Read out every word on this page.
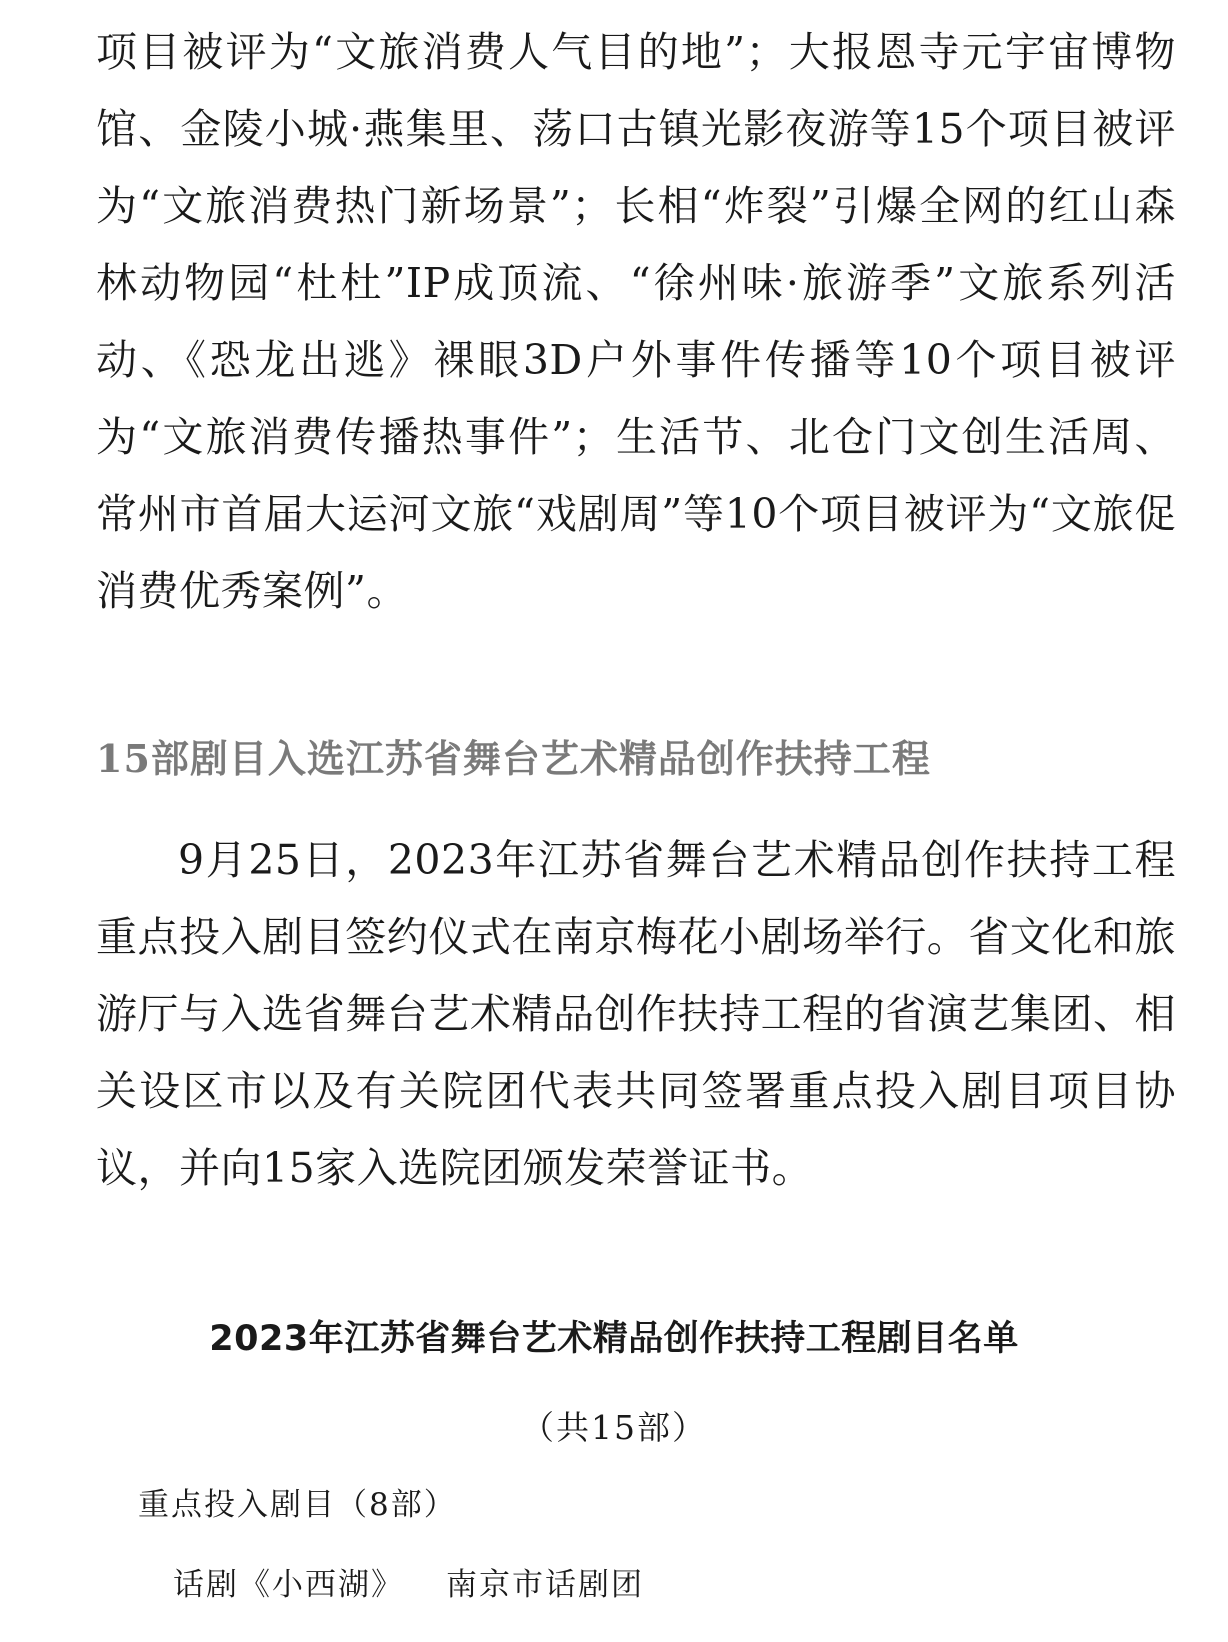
项目被评为“文旅消费人气目的地”；大报恩寺元宇宙博物馆、金陵小城·燕集里、荡口古镇光影夜游等15个项目被评为“文旅消费热门新场景”；长相“炸裂”引爆全网的红山森林动物园“杜杜”IP成顶流、“徐州味·旅游季”文旅系列活动、《恐龙出逃》裸眼3D户外事件传播等10个项目被评为“文旅消费传播热事件”；生活节、北仓门文创生活周、常州市首届大运河文旅“戏剧周”等10个项目被评为“文旅促消费优秀案例”。

15部剧目入选江苏省舞台艺术精品创作扶持工程

9月25日，2023年江苏省舞台艺术精品创作扶持工程重点投入剧目签约仪式在南京梅花小剧场举行。省文化和旅游厅与入选省舞台艺术精品创作扶持工程的省演艺集团、相关设区市以及有关院团代表共同签署重点投入剧目项目协议，并向15家入选院团颁发荣誉证书。

2023年江苏省舞台艺术精品创作扶持工程剧目名单

（共15部）

重点投入剧目（8部）

话剧《小西湖》 南京市话剧团
